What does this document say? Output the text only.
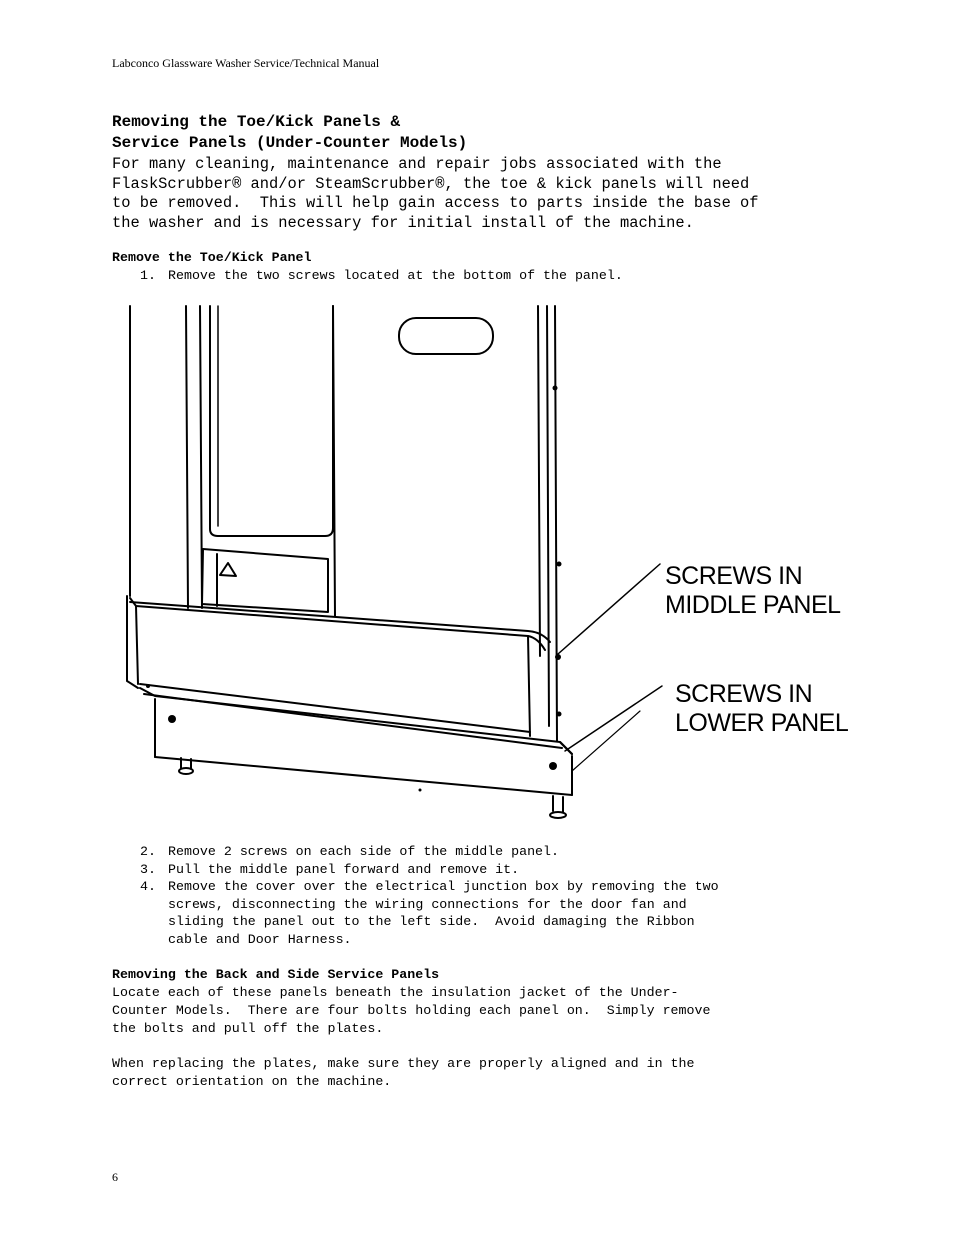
Labconco Glassware Washer Service/Technical Manual
Removing the Toe/Kick Panels &
Service Panels (Under-Counter Models)
For many cleaning, maintenance and repair jobs associated with the
FlaskScrubber® and/or SteamScrubber®, the toe & kick panels will need
to be removed.  This will help gain access to parts inside the base of
the washer and is necessary for initial install of the machine.
Remove the Toe/Kick Panel
1. Remove the two screws located at the bottom of the panel.
SCREWS IN
MIDDLE PANEL
SCREWS IN
LOWER PANEL
2. Remove 2 screws on each side of the middle panel.
3. Pull the middle panel forward and remove it.
4. Remove the cover over the electrical junction box by removing the two
screws, disconnecting the wiring connections for the door fan and
sliding the panel out to the left side.  Avoid damaging the Ribbon
cable and Door Harness.
Removing the Back and Side Service Panels
Locate each of these panels beneath the insulation jacket of the Under-
Counter Models.  There are four bolts holding each panel on.  Simply remove
the bolts and pull off the plates.
When replacing the plates, make sure they are properly aligned and in the
correct orientation on the machine.
6
